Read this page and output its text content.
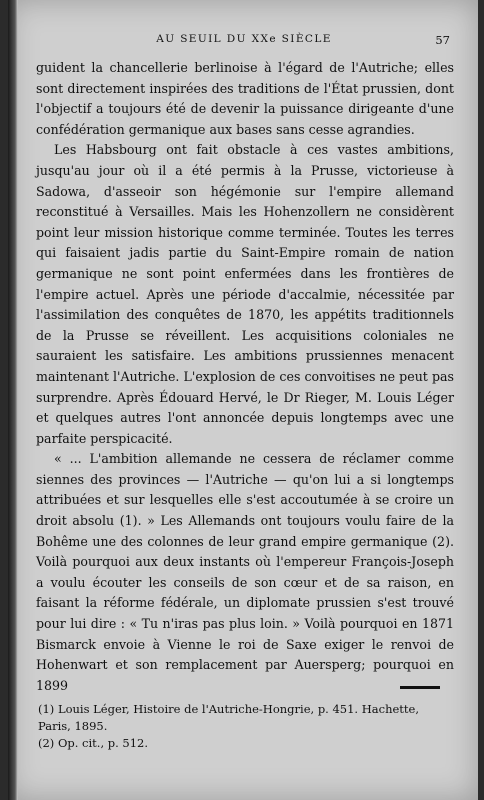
AU SEUIL DU XXe SIÈCLE	57

guident la chancellerie berlinoise à l'égard de l'Autriche; elles sont directement inspirées des traditions de l'État prussien, dont l'objectif a toujours été de devenir la puissance dirigeante d'une confédération germanique aux bases sans cesse agrandies.

Les Habsbourg ont fait obstacle à ces vastes ambitions, jusqu'au jour où il a été permis à la Prusse, victorieuse à Sadowa, d'asseoir son hégémonie sur l'empire allemand reconstitué à Versailles. Mais les Hohenzollern ne considèrent point leur mission historique comme terminée. Toutes les terres qui faisaient jadis partie du Saint-Empire romain de nation germanique ne sont point enfermées dans les frontières de l'empire actuel. Après une période d'accalmie, nécessitée par l'assimilation des conquêtes de 1870, les appétits traditionnels de la Prusse se réveillent. Les acquisitions coloniales ne sauraient les satisfaire. Les ambitions prussiennes menacent maintenant l'Autriche. L'explosion de ces convoitises ne peut pas surprendre. Après Édouard Hervé, le Dr Rieger, M. Louis Léger et quelques autres l'ont annoncée depuis longtemps avec une parfaite perspicacité.

« ... L'ambition allemande ne cessera de réclamer comme siennes des provinces — l'Autriche — qu'on lui a si longtemps attribuées et sur lesquelles elle s'est accoutumée à se croire un droit absolu (1). » Les Allemands ont toujours voulu faire de la Bohême une des colonnes de leur grand empire germanique (2). Voilà pourquoi aux deux instants où l'empereur François-Joseph a voulu écouter les conseils de son cœur et de sa raison, en faisant la réforme fédérale, un diplomate prussien s'est trouvé pour lui dire : « Tu n'iras pas plus loin. » Voilà pourquoi en 1871 Bismarck envoie à Vienne le roi de Saxe exiger le renvoi de Hohenwart et son remplacement par Auersperg; pourquoi en 1899

(1) Louis Léger, Histoire de l'Autriche-Hongrie, p. 451. Hachette, Paris, 1895.

(2) Op. cit., p. 512.
